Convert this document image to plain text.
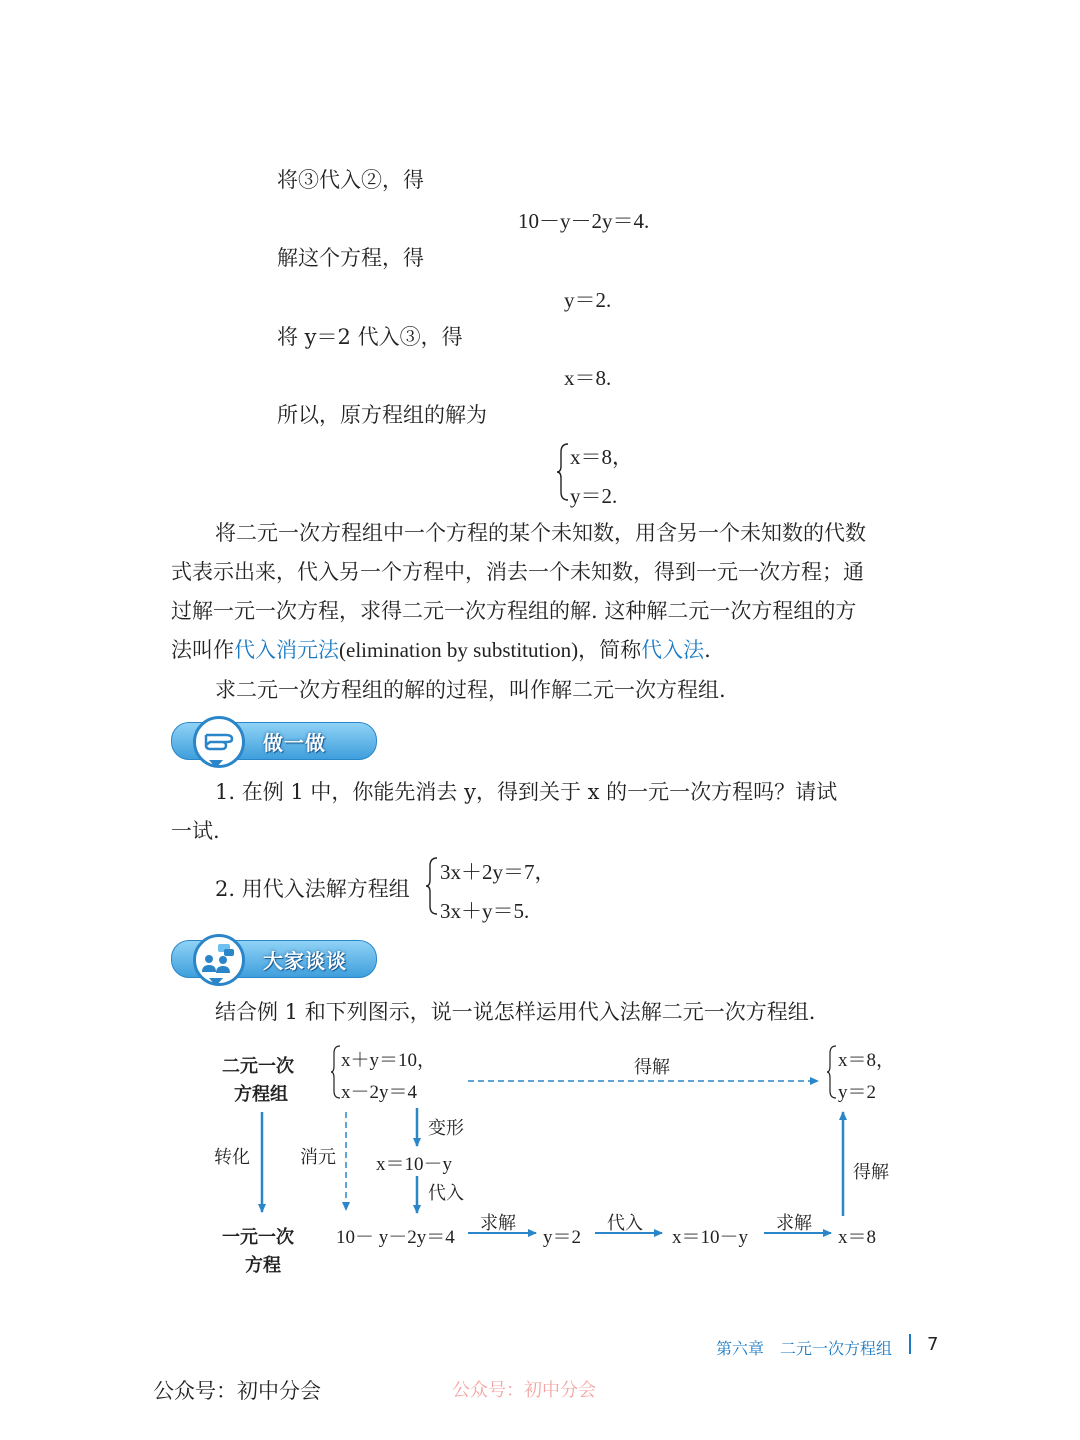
将③代入②，得
10－y－2y＝4.
解这个方程，得
y＝2.
将 y＝2 代入③，得
x＝8.
所以，原方程组的解为
x＝8，
y＝2.
将二元一次方程组中一个方程的某个未知数，用含另一个未知数的代数
式表示出来，代入另一个方程中，消去一个未知数，得到一元一次方程；通
过解一元一次方程，求得二元一次方程组的解. 这种解二元一次方程组的方
法叫作代入消元法(elimination by substitution)，简称代入法.
求二元一次方程组的解的过程，叫作解二元一次方程组.
做一做
1. 在例 1 中，你能先消去 y，得到关于 x 的一元一次方程吗？请试
一试.
2. 用代入法解方程组
3x＋2y＝7，
3x＋y＝5.
大家谈谈
结合例 1 和下列图示，说一说怎样运用代入法解二元一次方程组.
二元一次
方程组
x＋y＝10，
x－2y＝4
得解	x＝8，
y＝2
转化	消元
变形
x＝10－y
代入
得解
一元一次
方程
10－ y－2y＝4
求解
y＝2
代入
x＝10－y
求解
x＝8
第六章　二元一次方程组 7
公众号：初中分会	公众号：初中分会
